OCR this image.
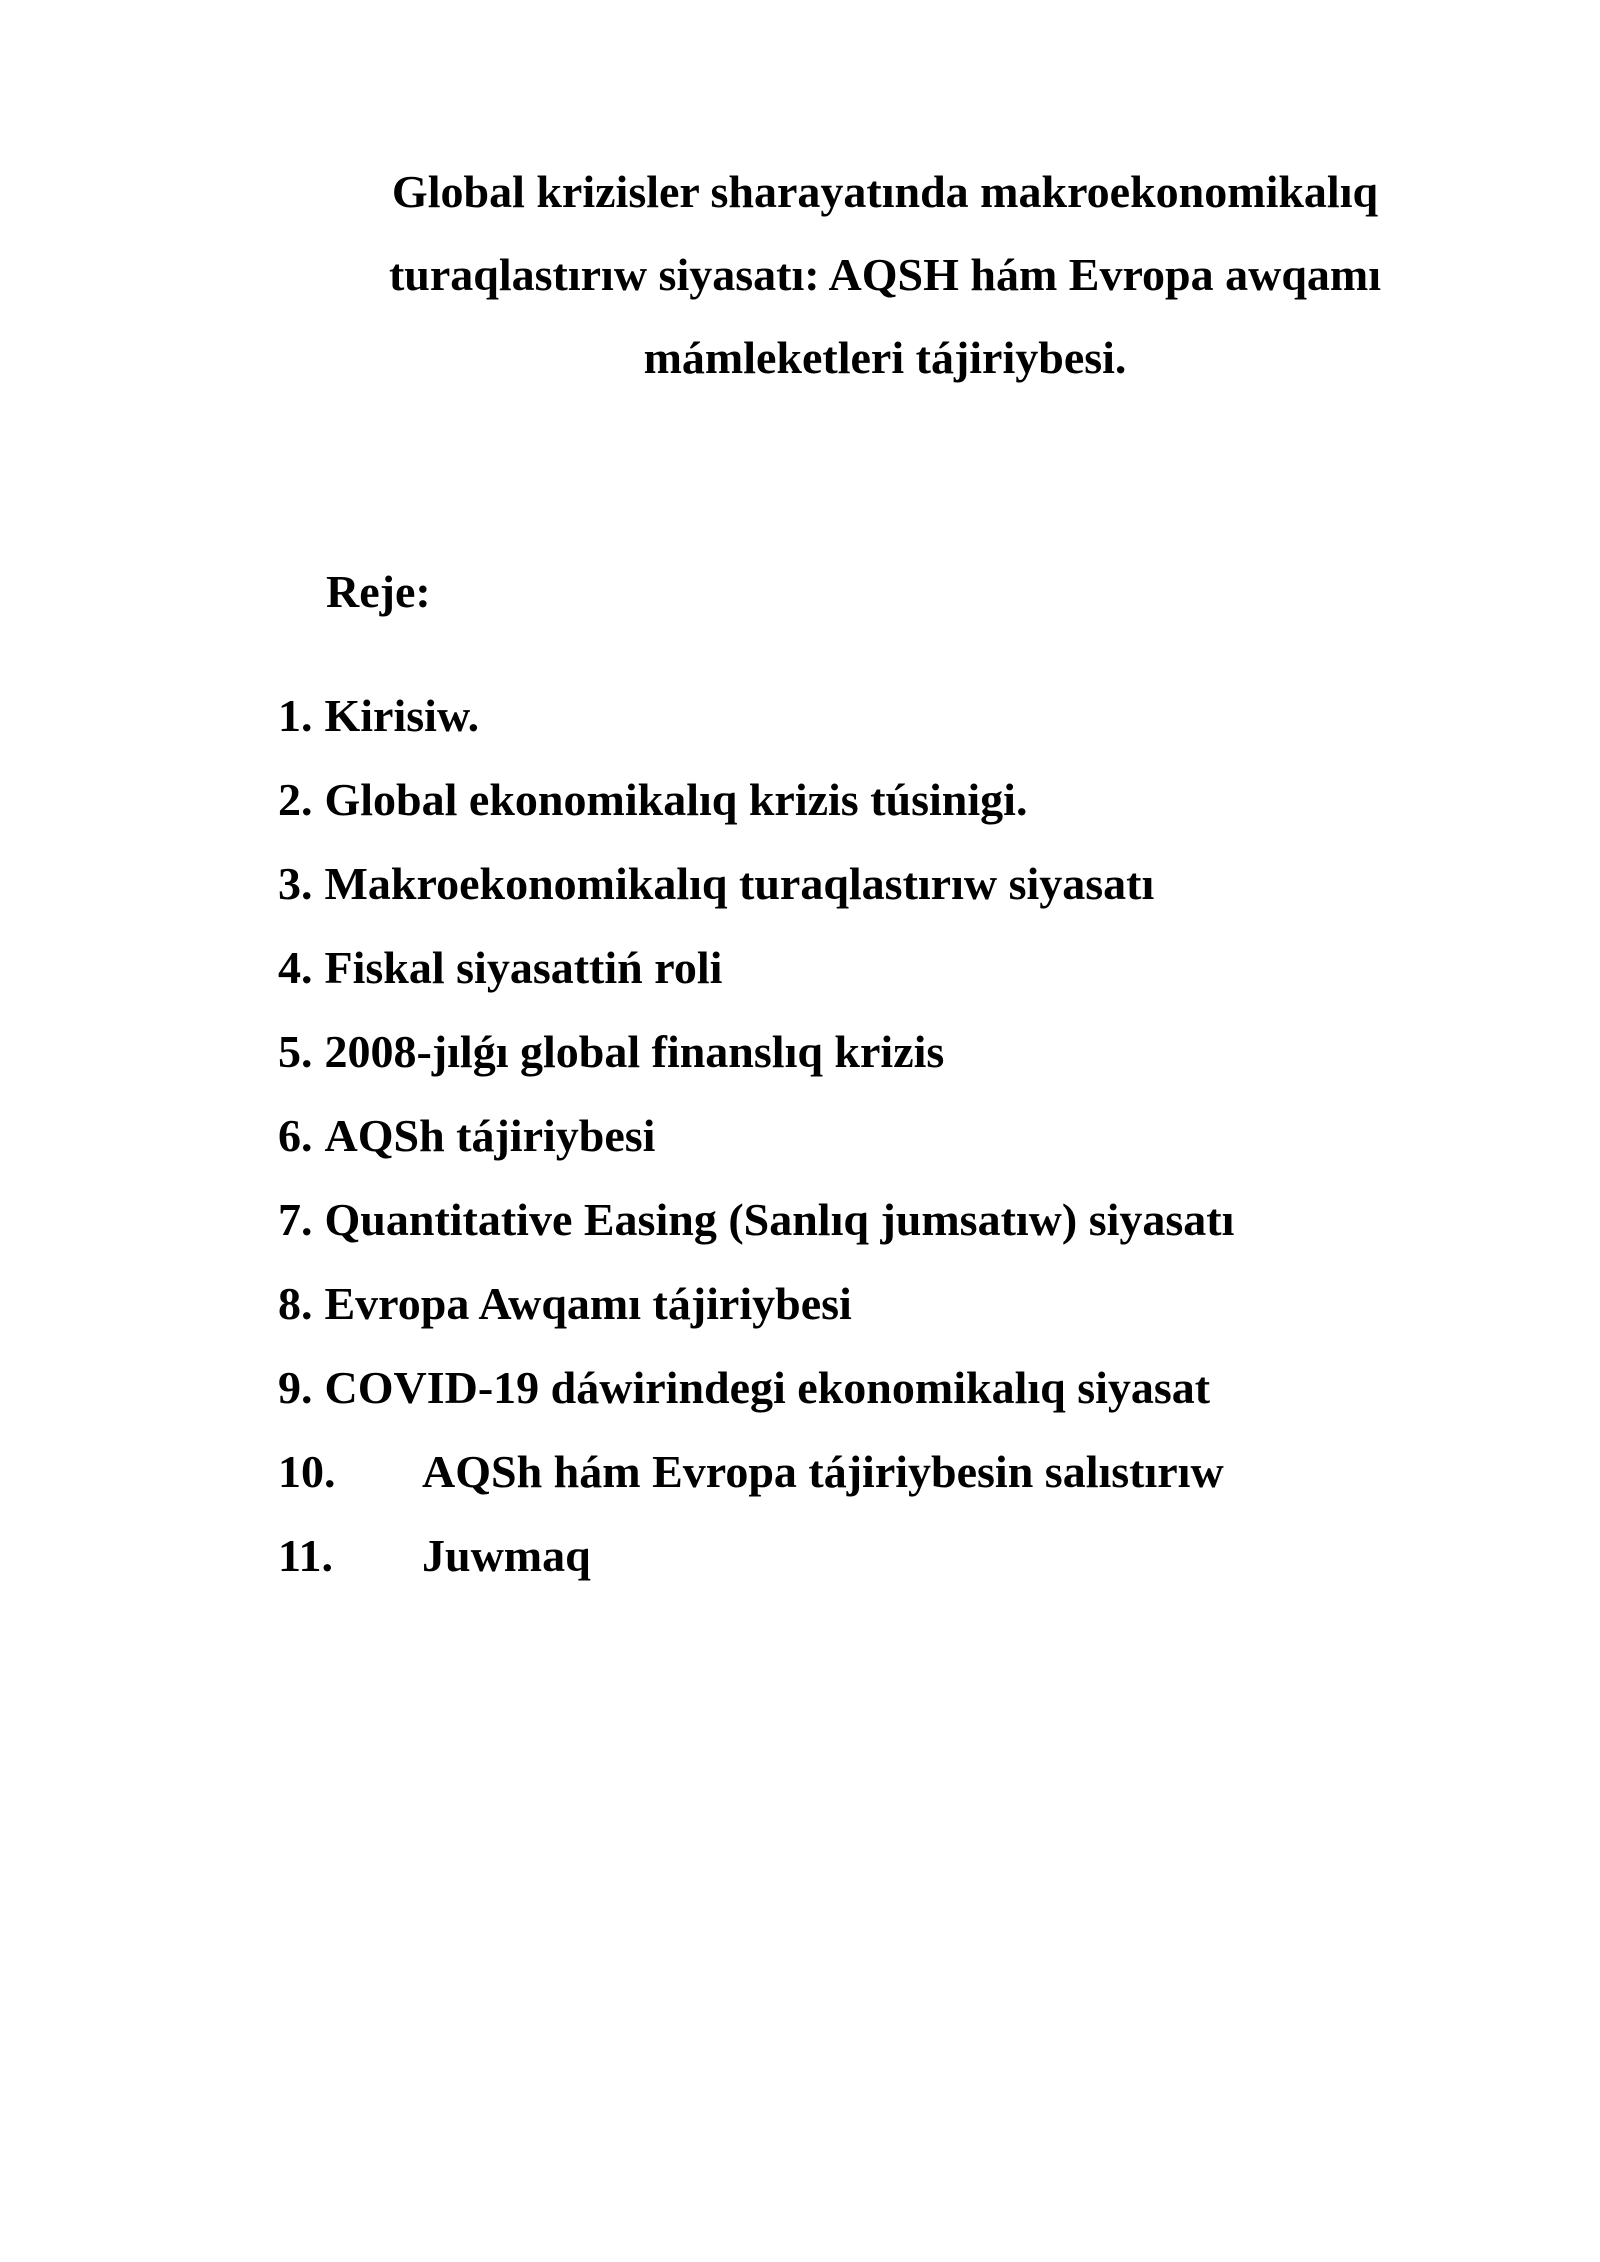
Global krizisler sharayatında makroekonomikalıq
turaqlastırıw siyasatı: AQSH hám Evropa awqamı
mámleketleri tájiriybesi.
Reje:
1. Kirisiw.
2. Global ekonomikalıq krizis túsinigi.
3. Makroekonomikalıq turaqlastırıw siyasatı
4. Fiskal siyasattiń roli
5. 2008-jılǵı global finanslıq krizis
6. AQSh tájiriybesi
7. Quantitative Easing (Sanlıq jumsatıw) siyasatı
8. Evropa Awqamı tájiriybesi
9. COVID-19 dáwirindegi ekonomikalıq siyasat
10. AQSh hám Evropa tájiriybesin salıstırıw
11. Juwmaq
